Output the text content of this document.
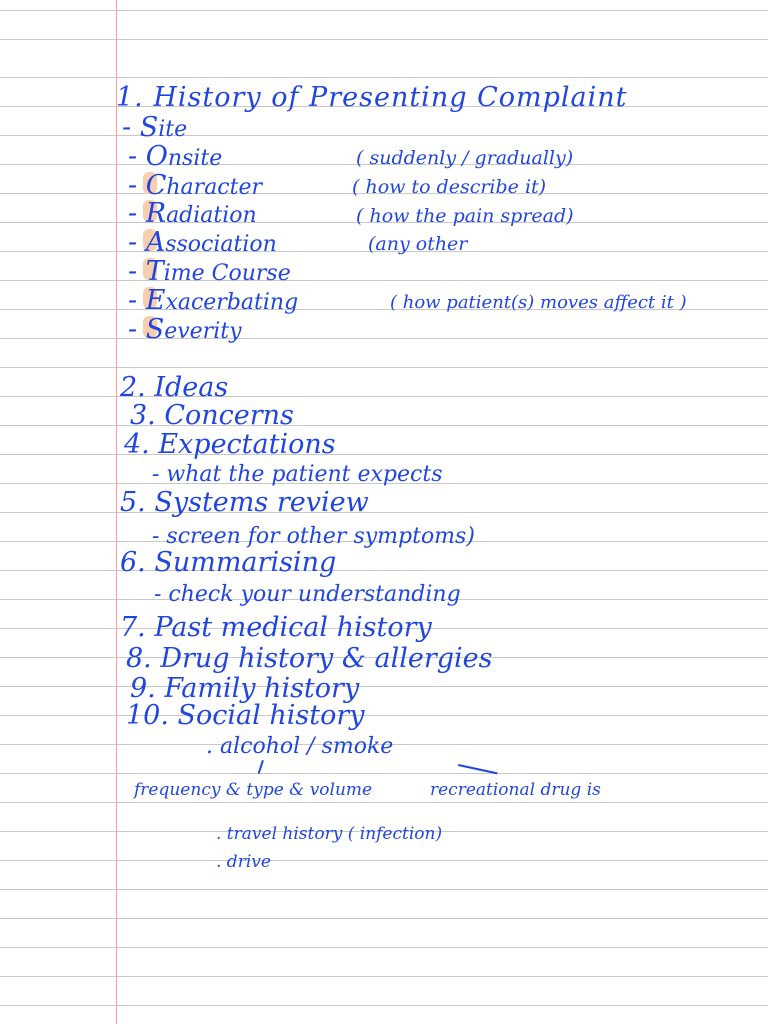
1. History of Presenting Complaint
- Site
- Onsite	( suddenly / gradually)
- Character	( how to describe it)
- Radiation	( how the pain spread)
- Association	(any other
- Time Course
- Exacerbating	( how patient(s) moves affect it )
- Severity
2. Ideas
3. Concerns
4. Expectations
- what the patient expects
5. Systems review
- screen for other symptoms)
6. Summarising
- check your understanding
7. Past medical history
8. Drug history & allergies
9. Family history
10. Social history
. alcohol / smoke
frequency & type & volume	recreational drug is
. travel history ( infection)
. drive
